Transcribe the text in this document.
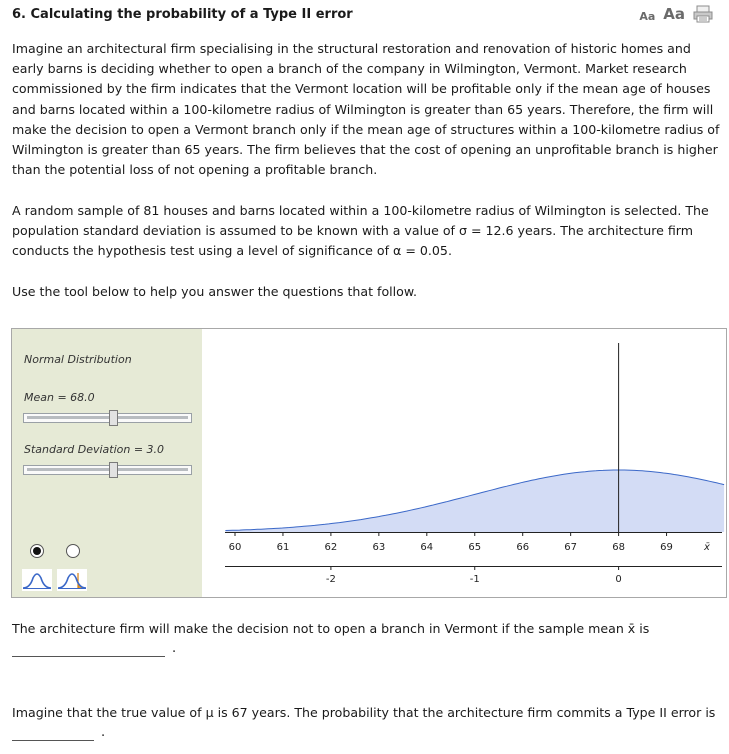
6. Calculating the probability of a Type II error	Aa Aa

Imagine an architectural firm specialising in the structural restoration and renovation of historic homes and early barns is deciding whether to open a branch of the company in Wilmington, Vermont. Market research commissioned by the firm indicates that the Vermont location will be profitable only if the mean age of houses and barns located within a 100-kilometre radius of Wilmington is greater than 65 years. Therefore, the firm will make the decision to open a Vermont branch only if the mean age of structures within a 100-kilometre radius of Wilmington is greater than 65 years. The firm believes that the cost of opening an unprofitable branch is higher than the potential loss of not opening a profitable branch.

A random sample of 81 houses and barns located within a 100-kilometre radius of Wilmington is selected. The population standard deviation is assumed to be known with a value of σ = 12.6 years. The architecture firm conducts the hypothesis test using a level of significance of α = 0.05.

Use the tool below to help you answer the questions that follow.

Normal Distribution
Mean = 68.0
Standard Deviation = 3.0
60	61	62	63	64	65	66	67	68	69	x̄
-2	-1	0
The architecture firm will make the decision not to open a branch in Vermont if the sample mean x̄ is
.
Imagine that the true value of μ is 67 years. The probability that the architecture firm commits a Type II error is
.
